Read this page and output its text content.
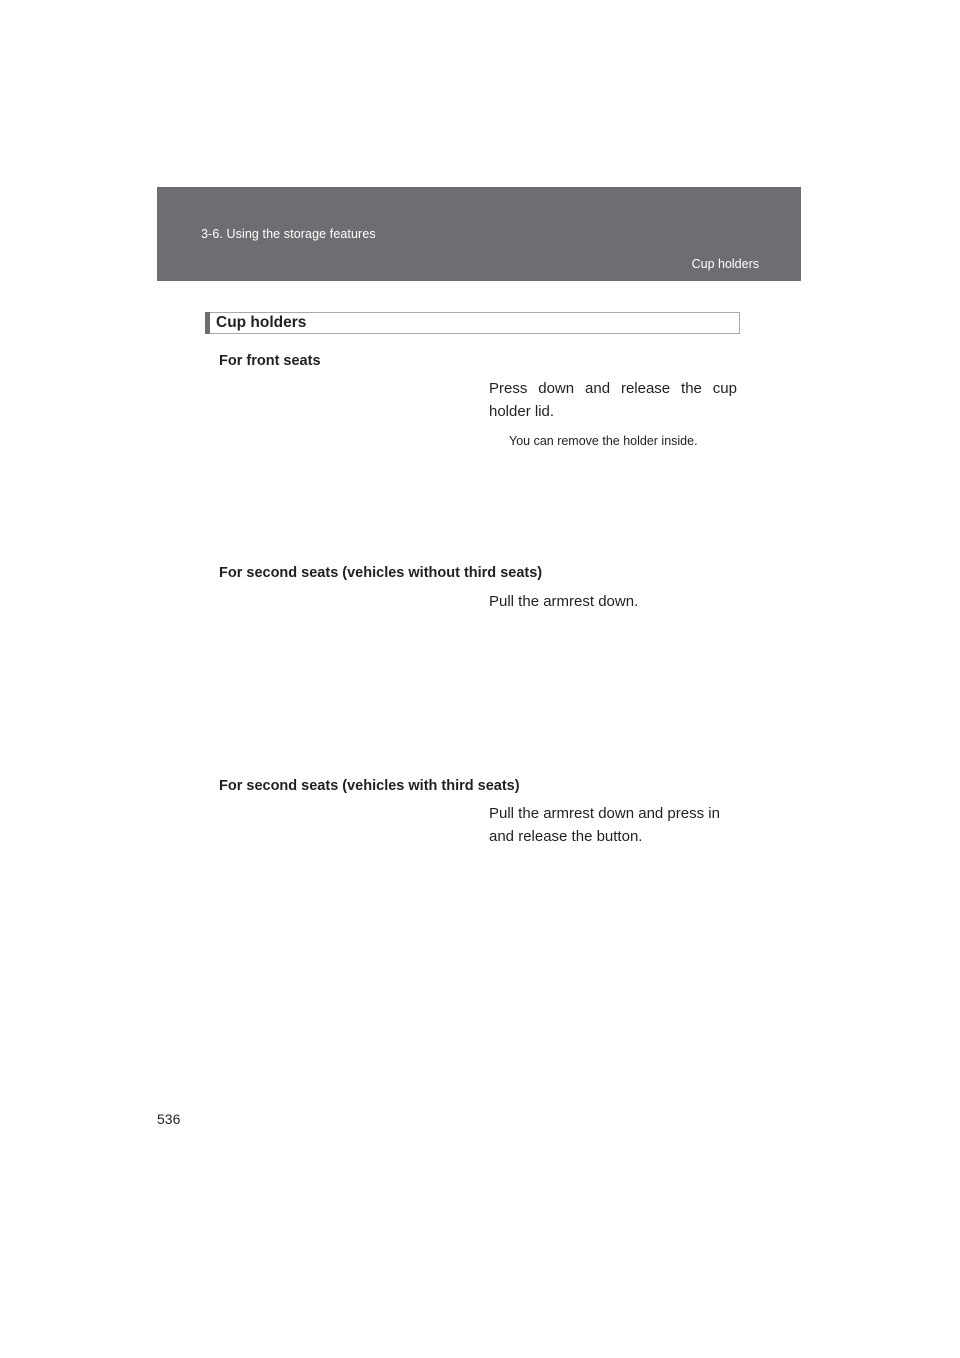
3-6. Using the storage features
Cup holders
Cup holders
For front seats
Press down and release the cup holder lid.
You can remove the holder inside.
For second seats (vehicles without third seats)
Pull the armrest down.
For second seats (vehicles with third seats)
Pull the armrest down and press in and release the button.
536
